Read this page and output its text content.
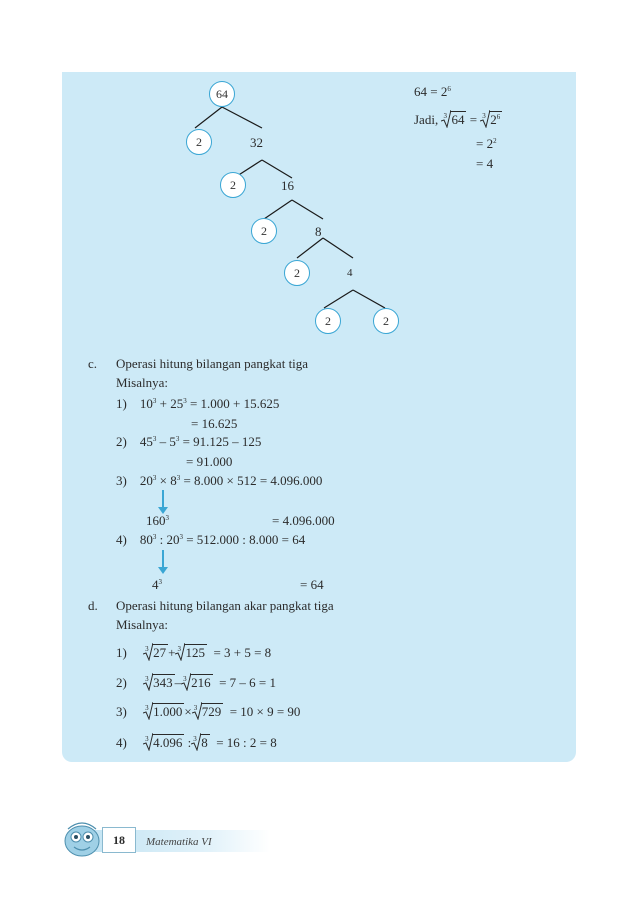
64
2	32
2	16
2	8
2	4
2	2
$64 = 2^6$
Jadi, 3 64 = 3 $2^6$
= $2^2$
= 4
c. Operasi hitung bilangan pangkat tiga
Misalnya:
1) $10^3 + 25^3 = 1.000 + 15.625$
= 16.625
2) $45^3 - 5^3 = 91.125 - 125$
= 91.000
3) $20^3 \times 8^3 = 8.000 \times 512 = 4.096.000$
$160^3$	= 4.096.000
4) $80^3$ : $20^3 = 512.000$ : 8.000 = 64
$4^3$	= 64
d. Operasi hitung bilangan akar pangkat tiga
Misalnya:
1)	3 27 + 3 125 = 3 + 5 = 8
2)	3 343 – 3 216 = 7 – 6 = 1
3)	3 1.000 × 3 729 = 10 × 9 = 90
4)	3 4.096 : 3 8 = 16 : 2 = 8
18	Matematika VI
